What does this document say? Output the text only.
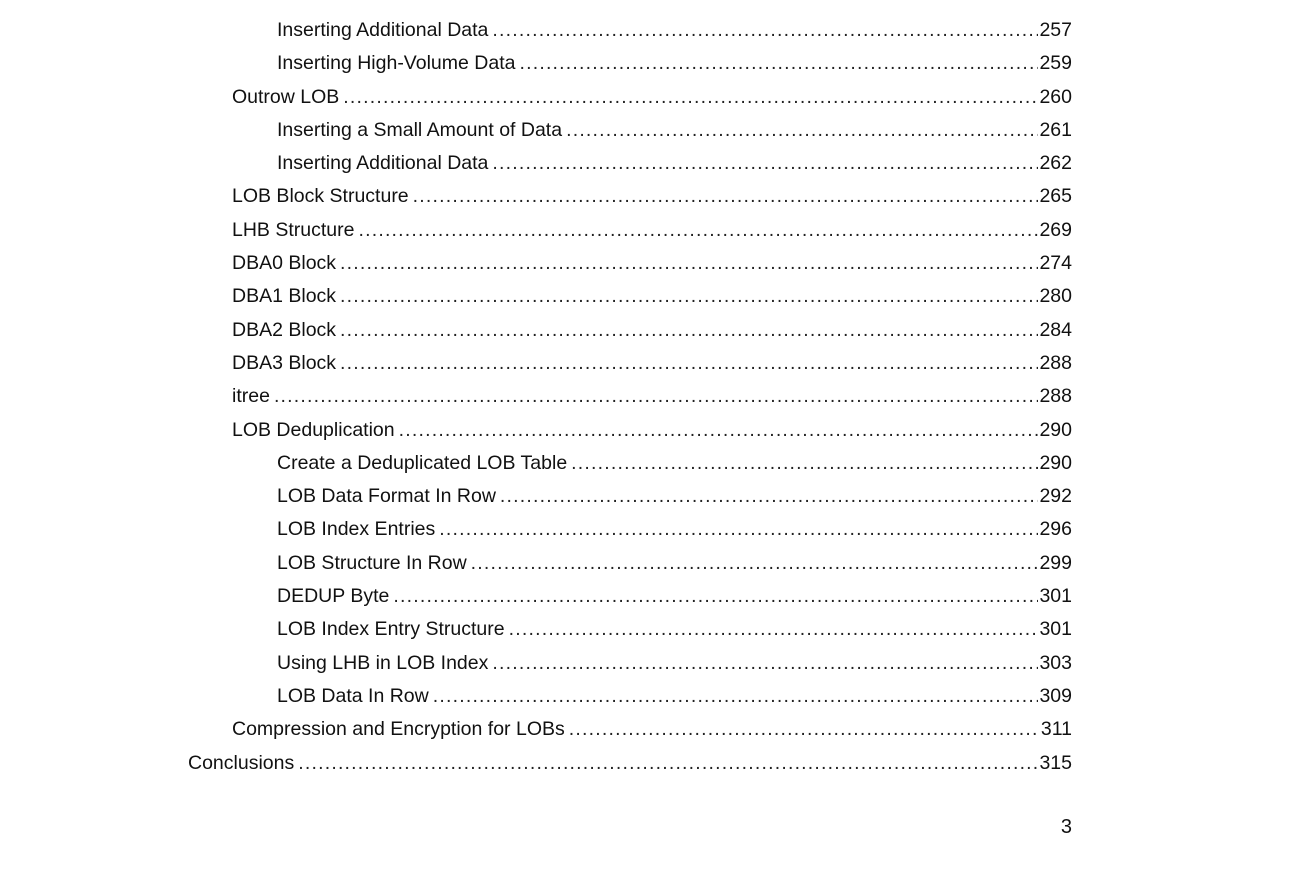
Inserting Additional Data .....	257
Inserting High-Volume Data .....	259
Outrow LOB .....	260
Inserting a Small Amount of Data .....	261
Inserting Additional Data .....	262
LOB Block Structure .....	265
LHB Structure .....	269
DBA0 Block .....	274
DBA1 Block .....	280
DBA2 Block .....	284
DBA3 Block .....	288
itree .....	288
LOB Deduplication .....	290
Create a Deduplicated LOB Table .....	290
LOB Data Format In Row .....	292
LOB Index Entries .....	296
LOB Structure In Row .....	299
DEDUP Byte .....	301
LOB Index Entry Structure .....	301
Using LHB in LOB Index .....	303
LOB Data In Row .....	309
Compression and Encryption for LOBs .....	311
Conclusions .....	315
3
